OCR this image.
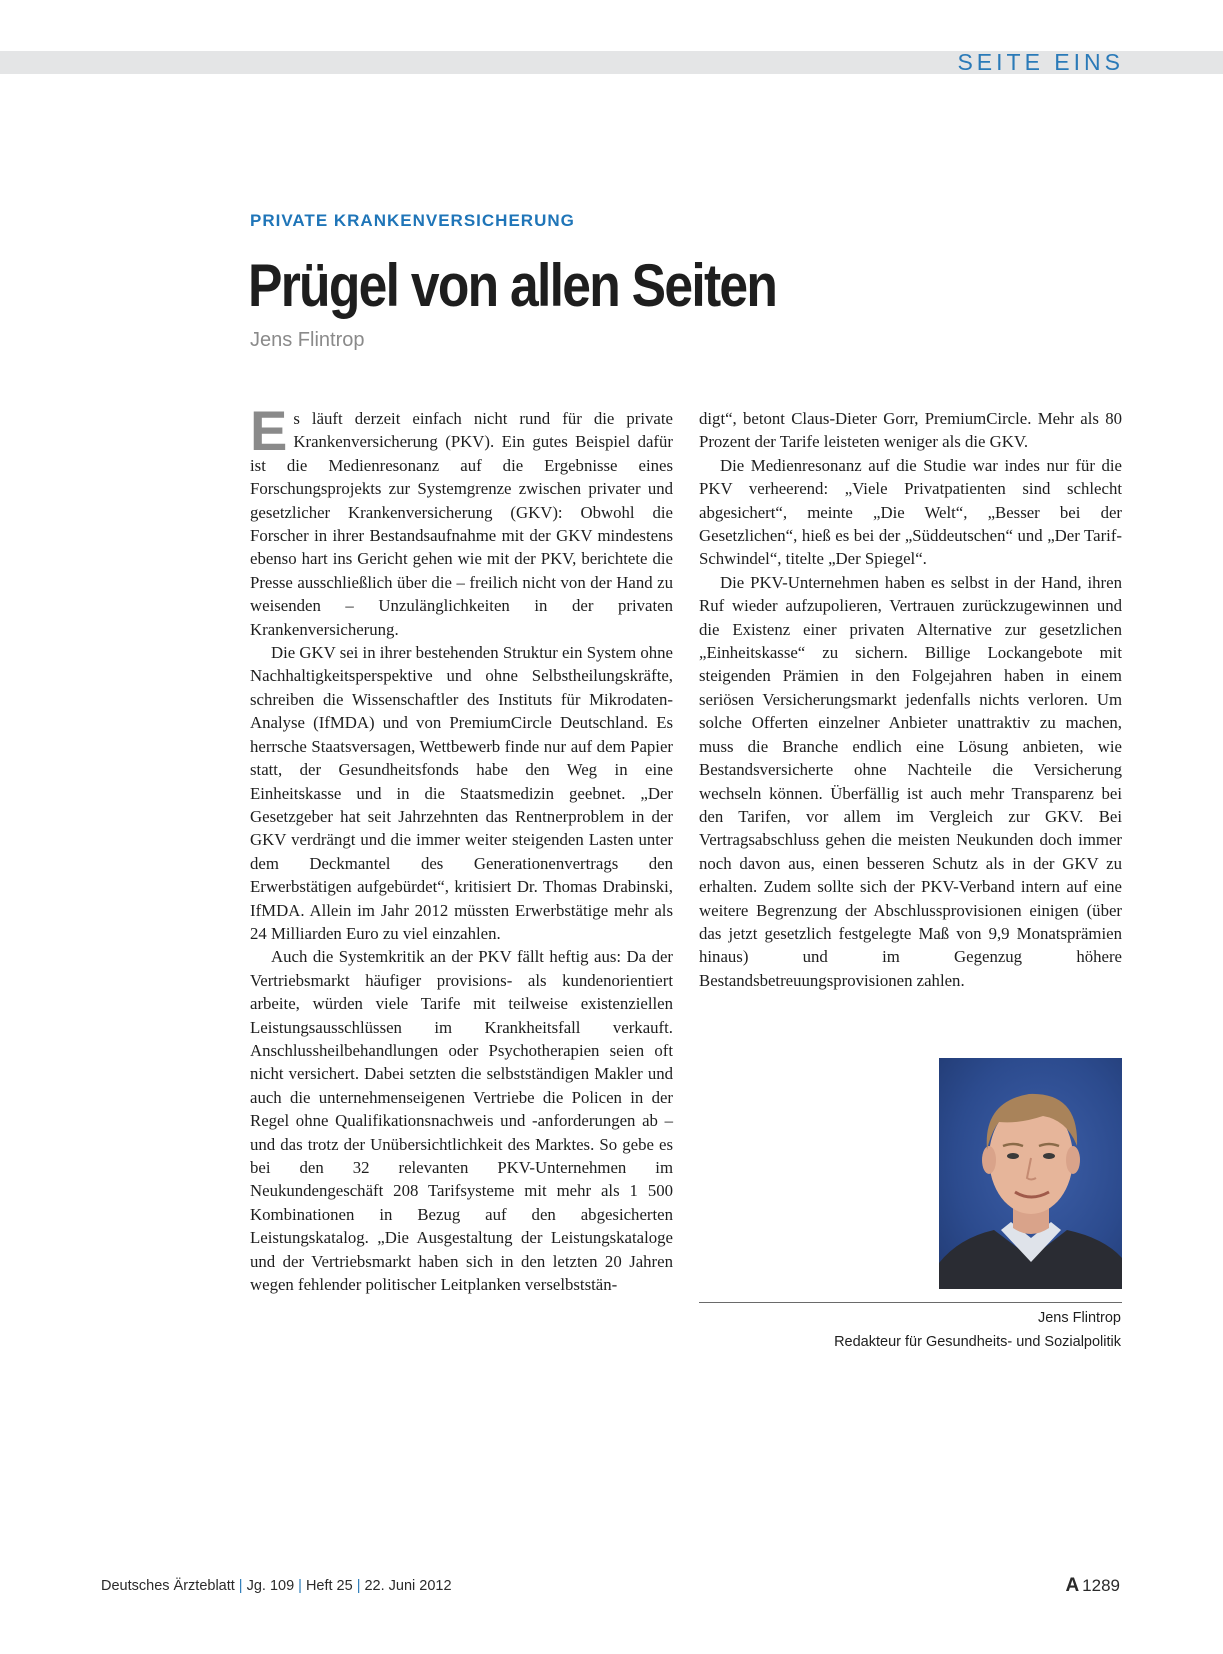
SEITE EINS
PRIVATE KRANKENVERSICHERUNG
Prügel von allen Seiten
Jens Flintrop

Es läuft derzeit einfach nicht rund für die private Krankenversicherung (PKV). Ein gutes Beispiel dafür ist die Medienresonanz auf die Ergebnisse eines Forschungsprojekts zur Systemgrenze zwischen privater und gesetzlicher Krankenversicherung (GKV): Obwohl die Forscher in ihrer Bestandsaufnahme mit der GKV mindestens ebenso hart ins Gericht gehen wie mit der PKV, berichtete die Presse ausschließlich über die – freilich nicht von der Hand zu weisenden – Unzulänglichkeiten in der privaten Krankenversicherung.

Die GKV sei in ihrer bestehenden Struktur ein System ohne Nachhaltigkeitsperspektive und ohne Selbstheilungskräfte, schreiben die Wissenschaftler des Instituts für Mikrodaten-Analyse (IfMDA) und von PremiumCircle Deutschland. Es herrsche Staatsversagen, Wettbewerb finde nur auf dem Papier statt, der Gesundheitsfonds habe den Weg in eine Einheitskasse und in die Staatsmedizin geebnet. „Der Gesetzgeber hat seit Jahrzehnten das Rentnerproblem in der GKV verdrängt und die immer weiter steigenden Lasten unter dem Deckmantel des Generationenvertrags den Erwerbstätigen aufgebürdet“, kritisiert Dr. Thomas Drabinski, IfMDA. Allein im Jahr 2012 müssten Erwerbstätige mehr als 24 Milliarden Euro zu viel einzahlen.

Auch die Systemkritik an der PKV fällt heftig aus: Da der Vertriebsmarkt häufiger provisions- als kundenorientiert arbeite, würden viele Tarife mit teilweise existenziellen Leistungsausschlüssen im Krankheitsfall verkauft. Anschlussheilbehandlungen oder Psychotherapien seien oft nicht versichert. Dabei setzten die selbstständigen Makler und auch die unternehmenseigenen Vertriebe die Policen in der Regel ohne Qualifikationsnachweis und -anforderungen ab – und das trotz der Unübersichtlichkeit des Marktes. So gebe es bei den 32 relevanten PKV-Unternehmen im Neukundengeschäft 208 Tarifsysteme mit mehr als 1 500 Kombinationen in Bezug auf den abgesicherten Leistungskatalog. „Die Ausgestaltung der Leistungskataloge und der Vertriebsmarkt haben sich in den letzten 20 Jahren wegen fehlender politischer Leitplanken verselbststän-

digt“, betont Claus-Dieter Gorr, PremiumCircle. Mehr als 80 Prozent der Tarife leisteten weniger als die GKV.

Die Medienresonanz auf die Studie war indes nur für die PKV verheerend: „Viele Privatpatienten sind schlecht abgesichert“, meinte „Die Welt“, „Besser bei der Gesetzlichen“, hieß es bei der „Süddeutschen“ und „Der Tarif-Schwindel“, titelte „Der Spiegel“.

Die PKV-Unternehmen haben es selbst in der Hand, ihren Ruf wieder aufzupolieren, Vertrauen zurückzugewinnen und die Existenz einer privaten Alternative zur gesetzlichen „Einheitskasse“ zu sichern. Billige Lockangebote mit steigenden Prämien in den Folgejahren haben in einem seriösen Versicherungsmarkt jedenfalls nichts verloren. Um solche Offerten einzelner Anbieter unattraktiv zu machen, muss die Branche endlich eine Lösung anbieten, wie Bestandsversicherte ohne Nachteile die Versicherung wechseln können. Überfällig ist auch mehr Transparenz bei den Tarifen, vor allem im Vergleich zur GKV. Bei Vertragsabschluss gehen die meisten Neukunden doch immer noch davon aus, einen besseren Schutz als in der GKV zu erhalten. Zudem sollte sich der PKV-Verband intern auf eine weitere Begrenzung der Abschlussprovisionen einigen (über das jetzt gesetzlich festgelegte Maß von 9,9 Monatsprämien hinaus) und im Gegenzug höhere Bestandsbetreuungsprovisionen zahlen.

Jens Flintrop
Redakteur für Gesundheits- und Sozialpolitik
Deutsches Ärzteblatt | Jg. 109 | Heft 25 | 22. Juni 2012	A 1289
